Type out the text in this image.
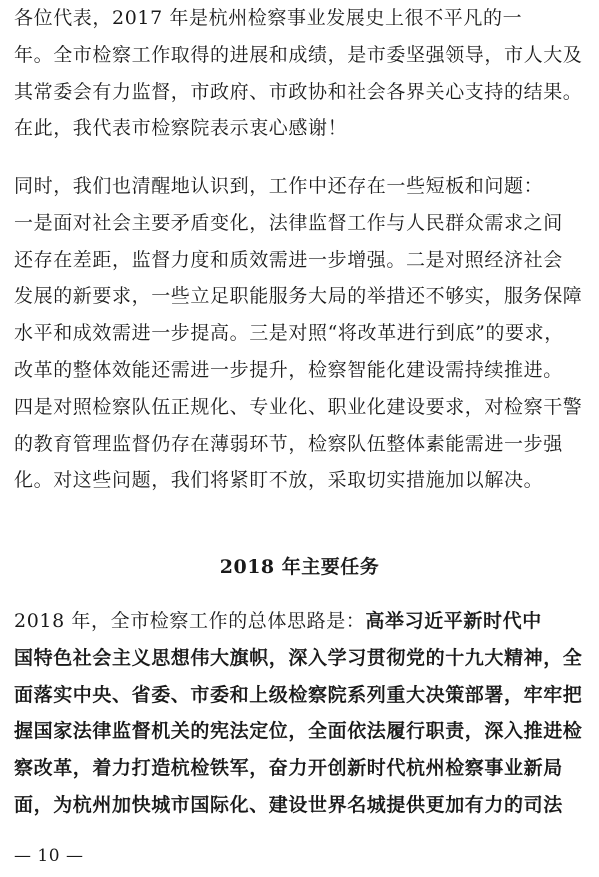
各位代表，2017 年是杭州检察事业发展史上很不平凡的一
年。全市检察工作取得的进展和成绩，是市委坚强领导，市人大及
其常委会有力监督，市政府、市政协和社会各界关心支持的结果。
在此，我代表市检察院表示衷心感谢！
同时，我们也清醒地认识到，工作中还存在一些短板和问题：
一是面对社会主要矛盾变化，法律监督工作与人民群众需求之间
还存在差距，监督力度和质效需进一步增强。二是对照经济社会
发展的新要求，一些立足职能服务大局的举措还不够实，服务保障
水平和成效需进一步提高。三是对照“将改革进行到底”的要求，
改革的整体效能还需进一步提升，检察智能化建设需持续推进。
四是对照检察队伍正规化、专业化、职业化建设要求，对检察干警
的教育管理监督仍存在薄弱环节，检察队伍整体素能需进一步强
化。对这些问题，我们将紧盯不放，采取切实措施加以解决。
2018 年主要任务
2018 年，全市检察工作的总体思路是：高举习近平新时代中
国特色社会主义思想伟大旗帜，深入学习贯彻党的十九大精神，全
面落实中央、省委、市委和上级检察院系列重大决策部署，牢牢把
握国家法律监督机关的宪法定位，全面依法履行职责，深入推进检
察改革，着力打造杭检铁军，奋力开创新时代杭州检察事业新局
面，为杭州加快城市国际化、建设世界名城提供更加有力的司法
— 10 —
